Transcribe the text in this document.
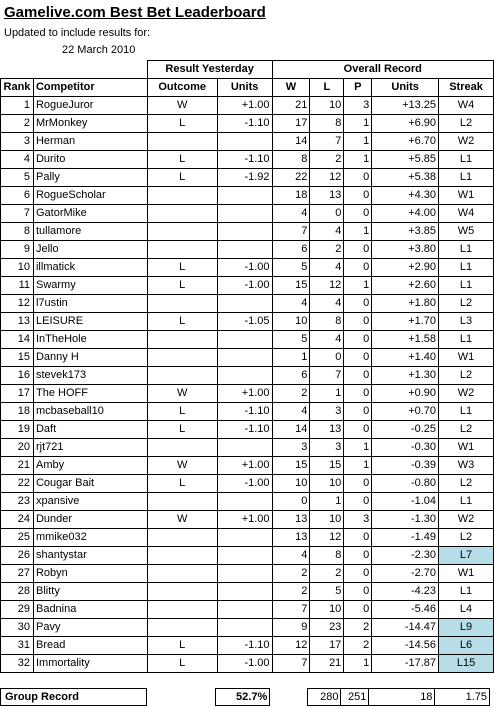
Gamelive.com Best Bet Leaderboard
Updated to include results for:
22 March 2010
		Result Yesterday		Overall Record				
Rank	Competitor	Outcome	Units	W	L	P	Units	Streak
1	RogueJuror	W	+1.00	21	10	3	+13.25	W4
2	MrMonkey	L	-1.10	17	8	1	+6.90	L2
3	Herman			14	7	1	+6.70	W2
4	Durito	L	-1.10	8	2	1	+5.85	L1
5	Pally	L	-1.92	22	12	0	+5.38	L1
6	RogueScholar			18	13	0	+4.30	W1
7	GatorMike			4	0	0	+4.00	W4
8	tullamore			7	4	1	+3.85	W5
9	Jello			6	2	0	+3.80	L1
10	illmatick	L	-1.00	5	4	0	+2.90	L1
11	Swarmy	L	-1.00	15	12	1	+2.60	L1
12	l7ustin			4	4	0	+1.80	L2
13	LEISURE	L	-1.05	10	8	0	+1.70	L3
14	InTheHole			5	4	0	+1.58	L1
15	Danny H			1	0	0	+1.40	W1
16	stevek173			6	7	0	+1.30	L2
17	The HOFF	W	+1.00	2	1	0	+0.90	W2
18	mcbaseball10	L	-1.10	4	3	0	+0.70	L1
19	Daft	L	-1.10	14	13	0	-0.25	L2
20	rjt721			3	3	1	-0.30	W1
21	Amby	W	+1.00	15	15	1	-0.39	W3
22	Cougar Bait	L	-1.00	10	10	0	-0.80	L2
23	xpansive			0	1	0	-1.04	L1
24	Dunder	W	+1.00	13	10	3	-1.30	W2
25	mmike032			13	12	0	-1.49	L2
26	shantystar			4	8	0	-2.30	L7
27	Robyn			2	2	0	-2.70	W1
28	Blitty			2	5	0	-4.23	L1
29	Badnina			7	10	0	-5.46	L4
30	Pavy			9	23	2	-14.47	L9
31	Bread	L	-1.10	12	17	2	-14.56	L6
32	Immortality	L	-1.00	7	21	1	-17.87	L15
Group Record		52.7%		280	251	18	1.75	
